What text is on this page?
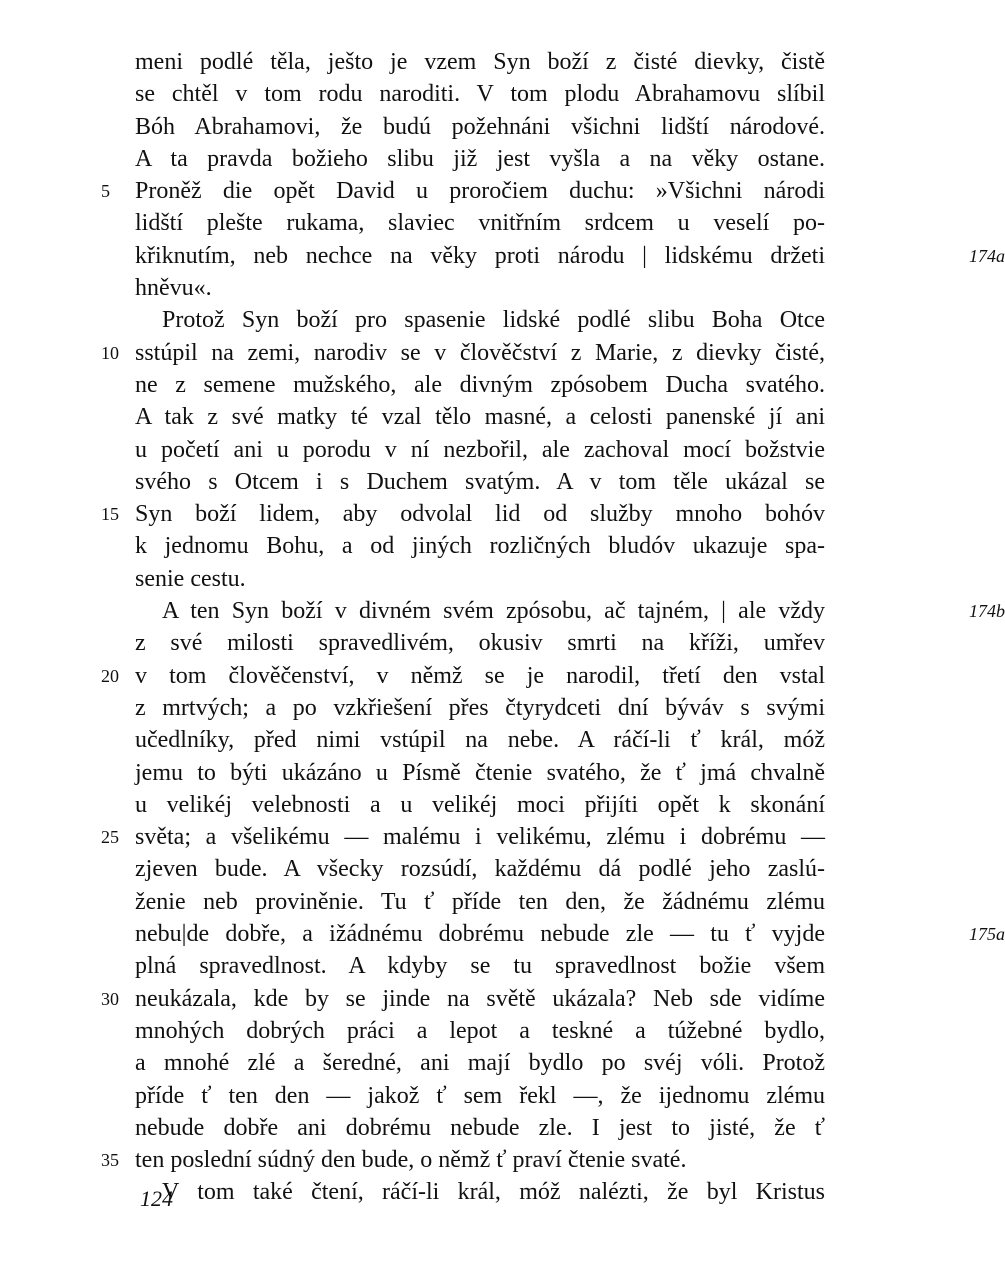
meni podlé těla, ješto je vzem Syn boží z čisté dievky, čistě
se chtěl v tom rodu naroditi. V tom plodu Abrahamovu slíbil
Bóh Abrahamovi, že budú požehnáni všichni lidští národové.
A ta pravda božieho slibu již jest vyšla a na věky ostane.
Proněž die opět David u proročiem duchu: »Všichni národi
5
lidští plešte rukama, slaviec vnitřním srdcem u veselí po-
křiknutím, neb nechce na věky proti národu | lidskému držeti	174a
hněvu«.
Protož Syn boží pro spasenie lidské podlé slibu Boha Otce
sstúpil na zemi, narodiv se v člověčství z Marie, z dievky čisté,
10
ne z semene mužského, ale divným zpósobem Ducha svatého.
A tak z své matky té vzal tělo masné, a celosti panenské jí ani
u početí ani u porodu v ní nezbořil, ale zachoval mocí božstvie
svého s Otcem i s Duchem svatým. A v tom těle ukázal se
Syn boží lidem, aby odvolal lid od služby mnoho bohóv
15
k jednomu Bohu, a od jiných rozličných bludóv ukazuje spa-
senie cestu.
A ten Syn boží v divném svém zpósobu, ač tajném, | ale vždy	174b
z své milosti spravedlivém, okusiv smrti na kříži, umřev
v tom člověčenství, v němž se je narodil, třetí den vstal
20
z mrtvých; a po vzkřiešení přes čtyrydceti dní býváv s svými
učedlníky, před nimi vstúpil na nebe. A ráčí-li ť král, móž
jemu to býti ukázáno u Písmě čtenie svatého, že ť jmá chvalně
u velikéj velebnosti a u velikéj moci přijíti opět k skonání
světa; a všelikému — malému i velikému, zlému i dobrému —
25
zjeven bude. A všecky rozsúdí, každému dá podlé jeho zaslú-
ženie neb proviněnie. Tu ť příde ten den, že žádnému zlému
nebu|de dobře, a ižádnému dobrému nebude zle — tu ť vyjde	175a
plná spravedlnost. A kdyby se tu spravedlnost božie všem
neukázala, kde by se jinde na světě ukázala? Neb sde vidíme
30
mnohých dobrých práci a lepot a teskné a túžebné bydlo,
a mnohé zlé a šeredné, ani mají bydlo po svéj vóli. Protož
příde ť ten den — jakož ť sem řekl —, že ijednomu zlému
nebude dobře ani dobrému nebude zle. I jest to jisté, že ť
ten poslední súdný den bude, o němž ť praví čtenie svaté.
35
V tom také čtení, ráčí-li král, móž nalézti, že byl Kristus
124
